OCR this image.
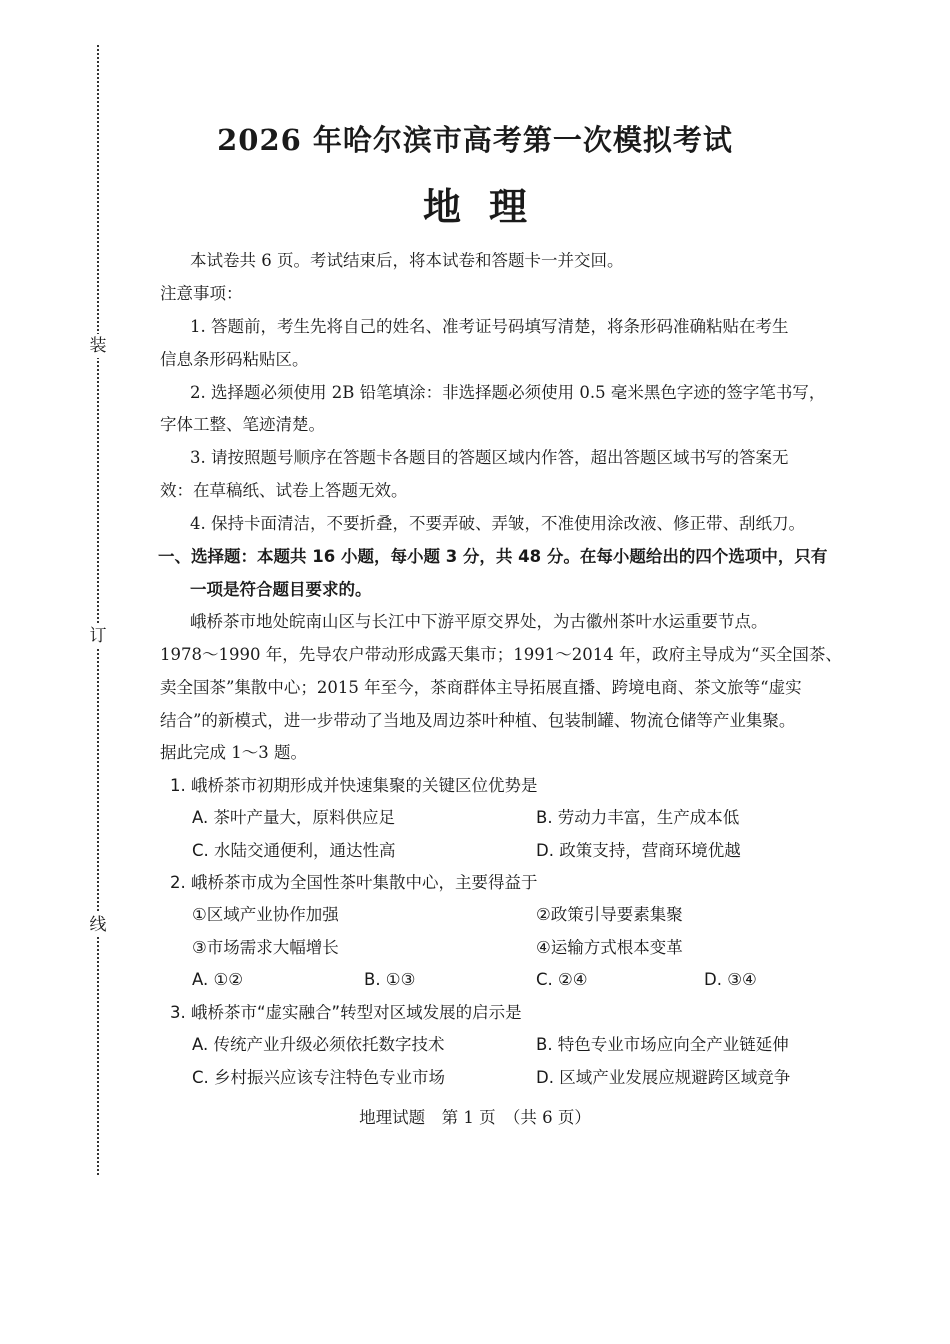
装
订
线
2026 年哈尔滨市高考第一次模拟考试
地理
本试卷共 6 页。考试结束后，将本试卷和答题卡一并交回。
注意事项：
1. 答题前，考生先将自己的姓名、准考证号码填写清楚，将条形码准确粘贴在考生
信息条形码粘贴区。
2. 选择题必须使用 2B 铅笔填涂：非选择题必须使用 0.5 毫米黑色字迹的签字笔书写，
字体工整、笔迹清楚。
3. 请按照题号顺序在答题卡各题目的答题区域内作答，超出答题区域书写的答案无
效：在草稿纸、试卷上答题无效。
4. 保持卡面清洁，不要折叠，不要弄破、弄皱，不准使用涂改液、修正带、刮纸刀。
一、选择题：本题共 16 小题，每小题 3 分，共 48 分。在每小题给出的四个选项中，只有
一项是符合题目要求的。
峨桥茶市地处皖南山区与长江中下游平原交界处，为古徽州茶叶水运重要节点。
1978～1990 年，先导农户带动形成露天集市；1991～2014 年，政府主导成为“买全国茶、
卖全国茶”集散中心；2015 年至今，茶商群体主导拓展直播、跨境电商、茶文旅等“虚实
结合”的新模式，进一步带动了当地及周边茶叶种植、包装制罐、物流仓储等产业集聚。
据此完成 1～3 题。
1. 峨桥茶市初期形成并快速集聚的关键区位优势是
A. 茶叶产量大，原料供应足	B. 劳动力丰富，生产成本低
C. 水陆交通便利，通达性高	D. 政策支持，营商环境优越
2. 峨桥茶市成为全国性茶叶集散中心，主要得益于
①区域产业协作加强	②政策引导要素集聚
③市场需求大幅增长	④运输方式根本变革
A. ①②	B. ①③	C. ②④	D. ③④
3. 峨桥茶市“虚实融合”转型对区域发展的启示是
A. 传统产业升级必须依托数字技术	B. 特色专业市场应向全产业链延伸
C. 乡村振兴应该专注特色专业市场	D. 区域产业发展应规避跨区域竞争
地理试题　第 1 页　（共 6 页）
